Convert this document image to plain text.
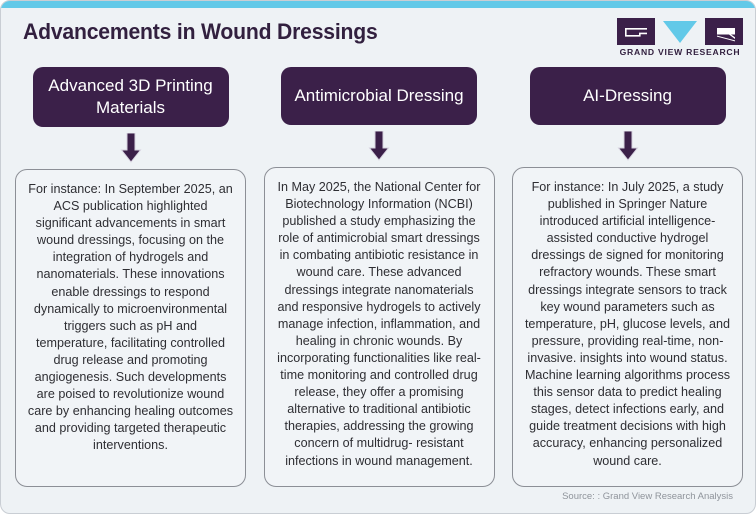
Advancements in Wound Dressings
GRAND VIEW RESEARCH
Advanced 3D Printing Materials
For instance: In September 2025, an ACS publication highlighted significant advancements in smart wound dressings, focusing on the integration of hydrogels and nanomaterials. These innovations enable dressings to respond dynamically to microenvironmental triggers such as pH and temperature, facilitating controlled drug release and promoting angiogenesis. Such developments are poised to revolutionize wound care by enhancing healing outcomes and providing targeted therapeutic interventions.
Antimicrobial Dressing
In May 2025, the National Center for Biotechnology Information (NCBI) published a study emphasizing the role of antimicrobial smart dressings in combating antibiotic resistance in wound care. These advanced dressings integrate nanomaterials and responsive hydrogels to actively manage infection, inflammation, and healing in chronic wounds. By incorporating functionalities like real-time monitoring and controlled drug release, they offer a promising alternative to traditional antibiotic therapies, addressing the growing concern of multidrug- resistant infections in wound management.
AI-Dressing
For instance: In July 2025, a study published in Springer Nature introduced artificial intelligence-assisted conductive hydrogel dressings de signed for monitoring refractory wounds. These smart dressings integrate sensors to track key wound parameters such as temperature, pH, glucose levels, and pressure, providing real-time, non-invasive. insights into wound status. Machine learning algorithms process this sensor data to predict healing stages, detect infections early, and guide treatment decisions with high accuracy, enhancing personalized wound care.
Source: : Grand View Research Analysis
